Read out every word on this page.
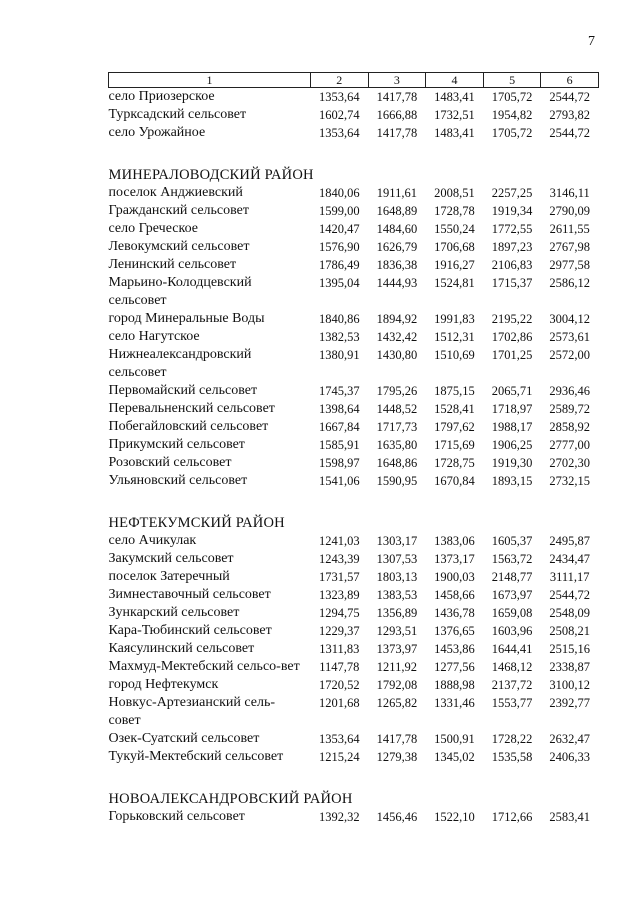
7
1	2	3	4	5	6
село Приозерское	1353,64	1417,78	1483,41	1705,72	2544,72
Турксадский сельсовет	1602,74	1666,88	1732,51	1954,82	2793,82
село Урожайное	1353,64	1417,78	1483,41	1705,72	2544,72
МИНЕРАЛОВОДСКИЙ РАЙОН					
поселок Анджиевский	1840,06	1911,61	2008,51	2257,25	3146,11
Гражданский сельсовет	1599,00	1648,89	1728,78	1919,34	2790,09
село Греческое	1420,47	1484,60	1550,24	1772,55	2611,55
Левокумский сельсовет	1576,90	1626,79	1706,68	1897,23	2767,98
Ленинский сельсовет	1786,49	1836,38	1916,27	2106,83	2977,58
Марьино-Колодцевский сельсовет	1395,04	1444,93	1524,81	1715,37	2586,12
город Минеральные Воды	1840,86	1894,92	1991,83	2195,22	3004,12
село Нагутское	1382,53	1432,42	1512,31	1702,86	2573,61
Нижнеалександровский сельсовет	1380,91	1430,80	1510,69	1701,25	2572,00
Первомайский сельсовет	1745,37	1795,26	1875,15	2065,71	2936,46
Перевальненский сельсовет	1398,64	1448,52	1528,41	1718,97	2589,72
Побегайловский сельсовет	1667,84	1717,73	1797,62	1988,17	2858,92
Прикумский сельсовет	1585,91	1635,80	1715,69	1906,25	2777,00
Розовский сельсовет	1598,97	1648,86	1728,75	1919,30	2702,30
Ульяновский сельсовет	1541,06	1590,95	1670,84	1893,15	2732,15
НЕФТЕКУМСКИЙ РАЙОН					
село Ачикулак	1241,03	1303,17	1383,06	1605,37	2495,87
Закумский сельсовет	1243,39	1307,53	1373,17	1563,72	2434,47
поселок Затеречный	1731,57	1803,13	1900,03	2148,77	3111,17
Зимнеставочный сельсовет	1323,89	1383,53	1458,66	1673,97	2544,72
Зункарский сельсовет	1294,75	1356,89	1436,78	1659,08	2548,09
Кара-Тюбинский сельсовет	1229,37	1293,51	1376,65	1603,96	2508,21
Каясулинский сельсовет	1311,83	1373,97	1453,86	1644,41	2515,16
Махмуд-Мектебский сельсо-вет	1147,78	1211,92	1277,56	1468,12	2338,87
город Нефтекумск	1720,52	1792,08	1888,98	2137,72	3100,12
Новкус-Артезианский сель-совет	1201,68	1265,82	1331,46	1553,77	2392,77
Озек-Суатский сельсовет	1353,64	1417,78	1500,91	1728,22	2632,47
Тукуй-Мектебский сельсовет	1215,24	1279,38	1345,02	1535,58	2406,33
НОВОАЛЕКСАНДРОВСКИЙ РАЙОН					
Горьковский сельсовет	1392,32	1456,46	1522,10	1712,66	2583,41
